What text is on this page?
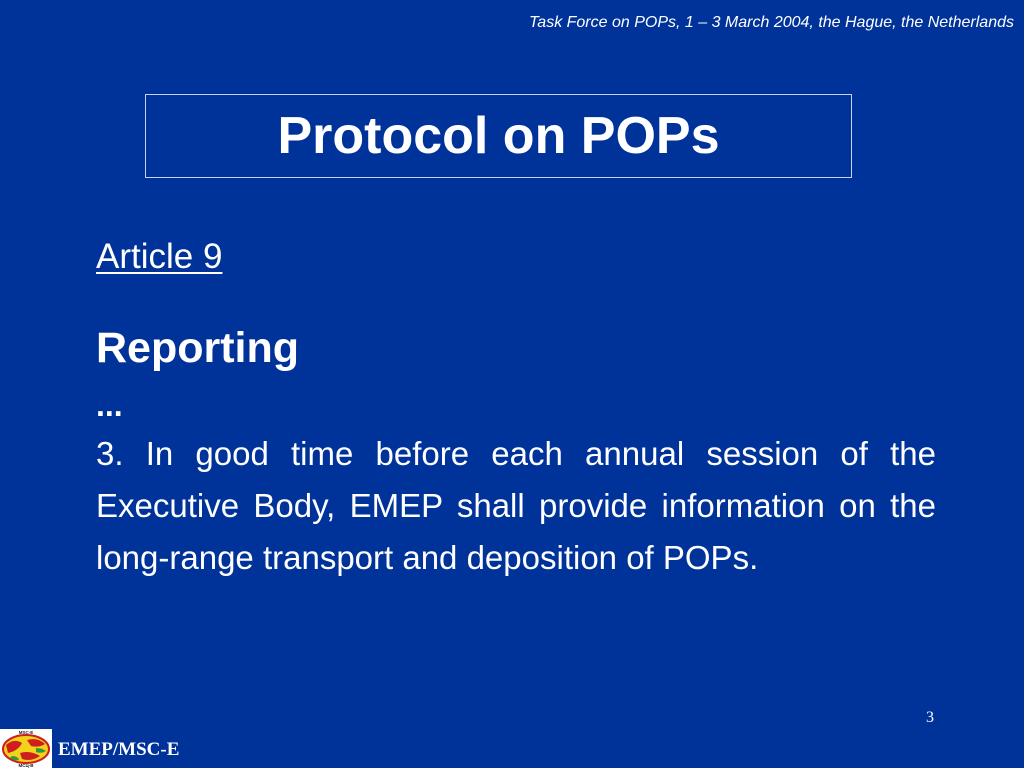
Task Force on POPs, 1 – 3 March 2004, the Hague, the Netherlands
Protocol on POPs
Article 9
Reporting
...

3. In good time before each annual session of the Executive Body, EMEP shall provide information on the long-range transport and deposition of POPs.

3
MSC-E
МСЦ-В
EMEP/MSC-E
